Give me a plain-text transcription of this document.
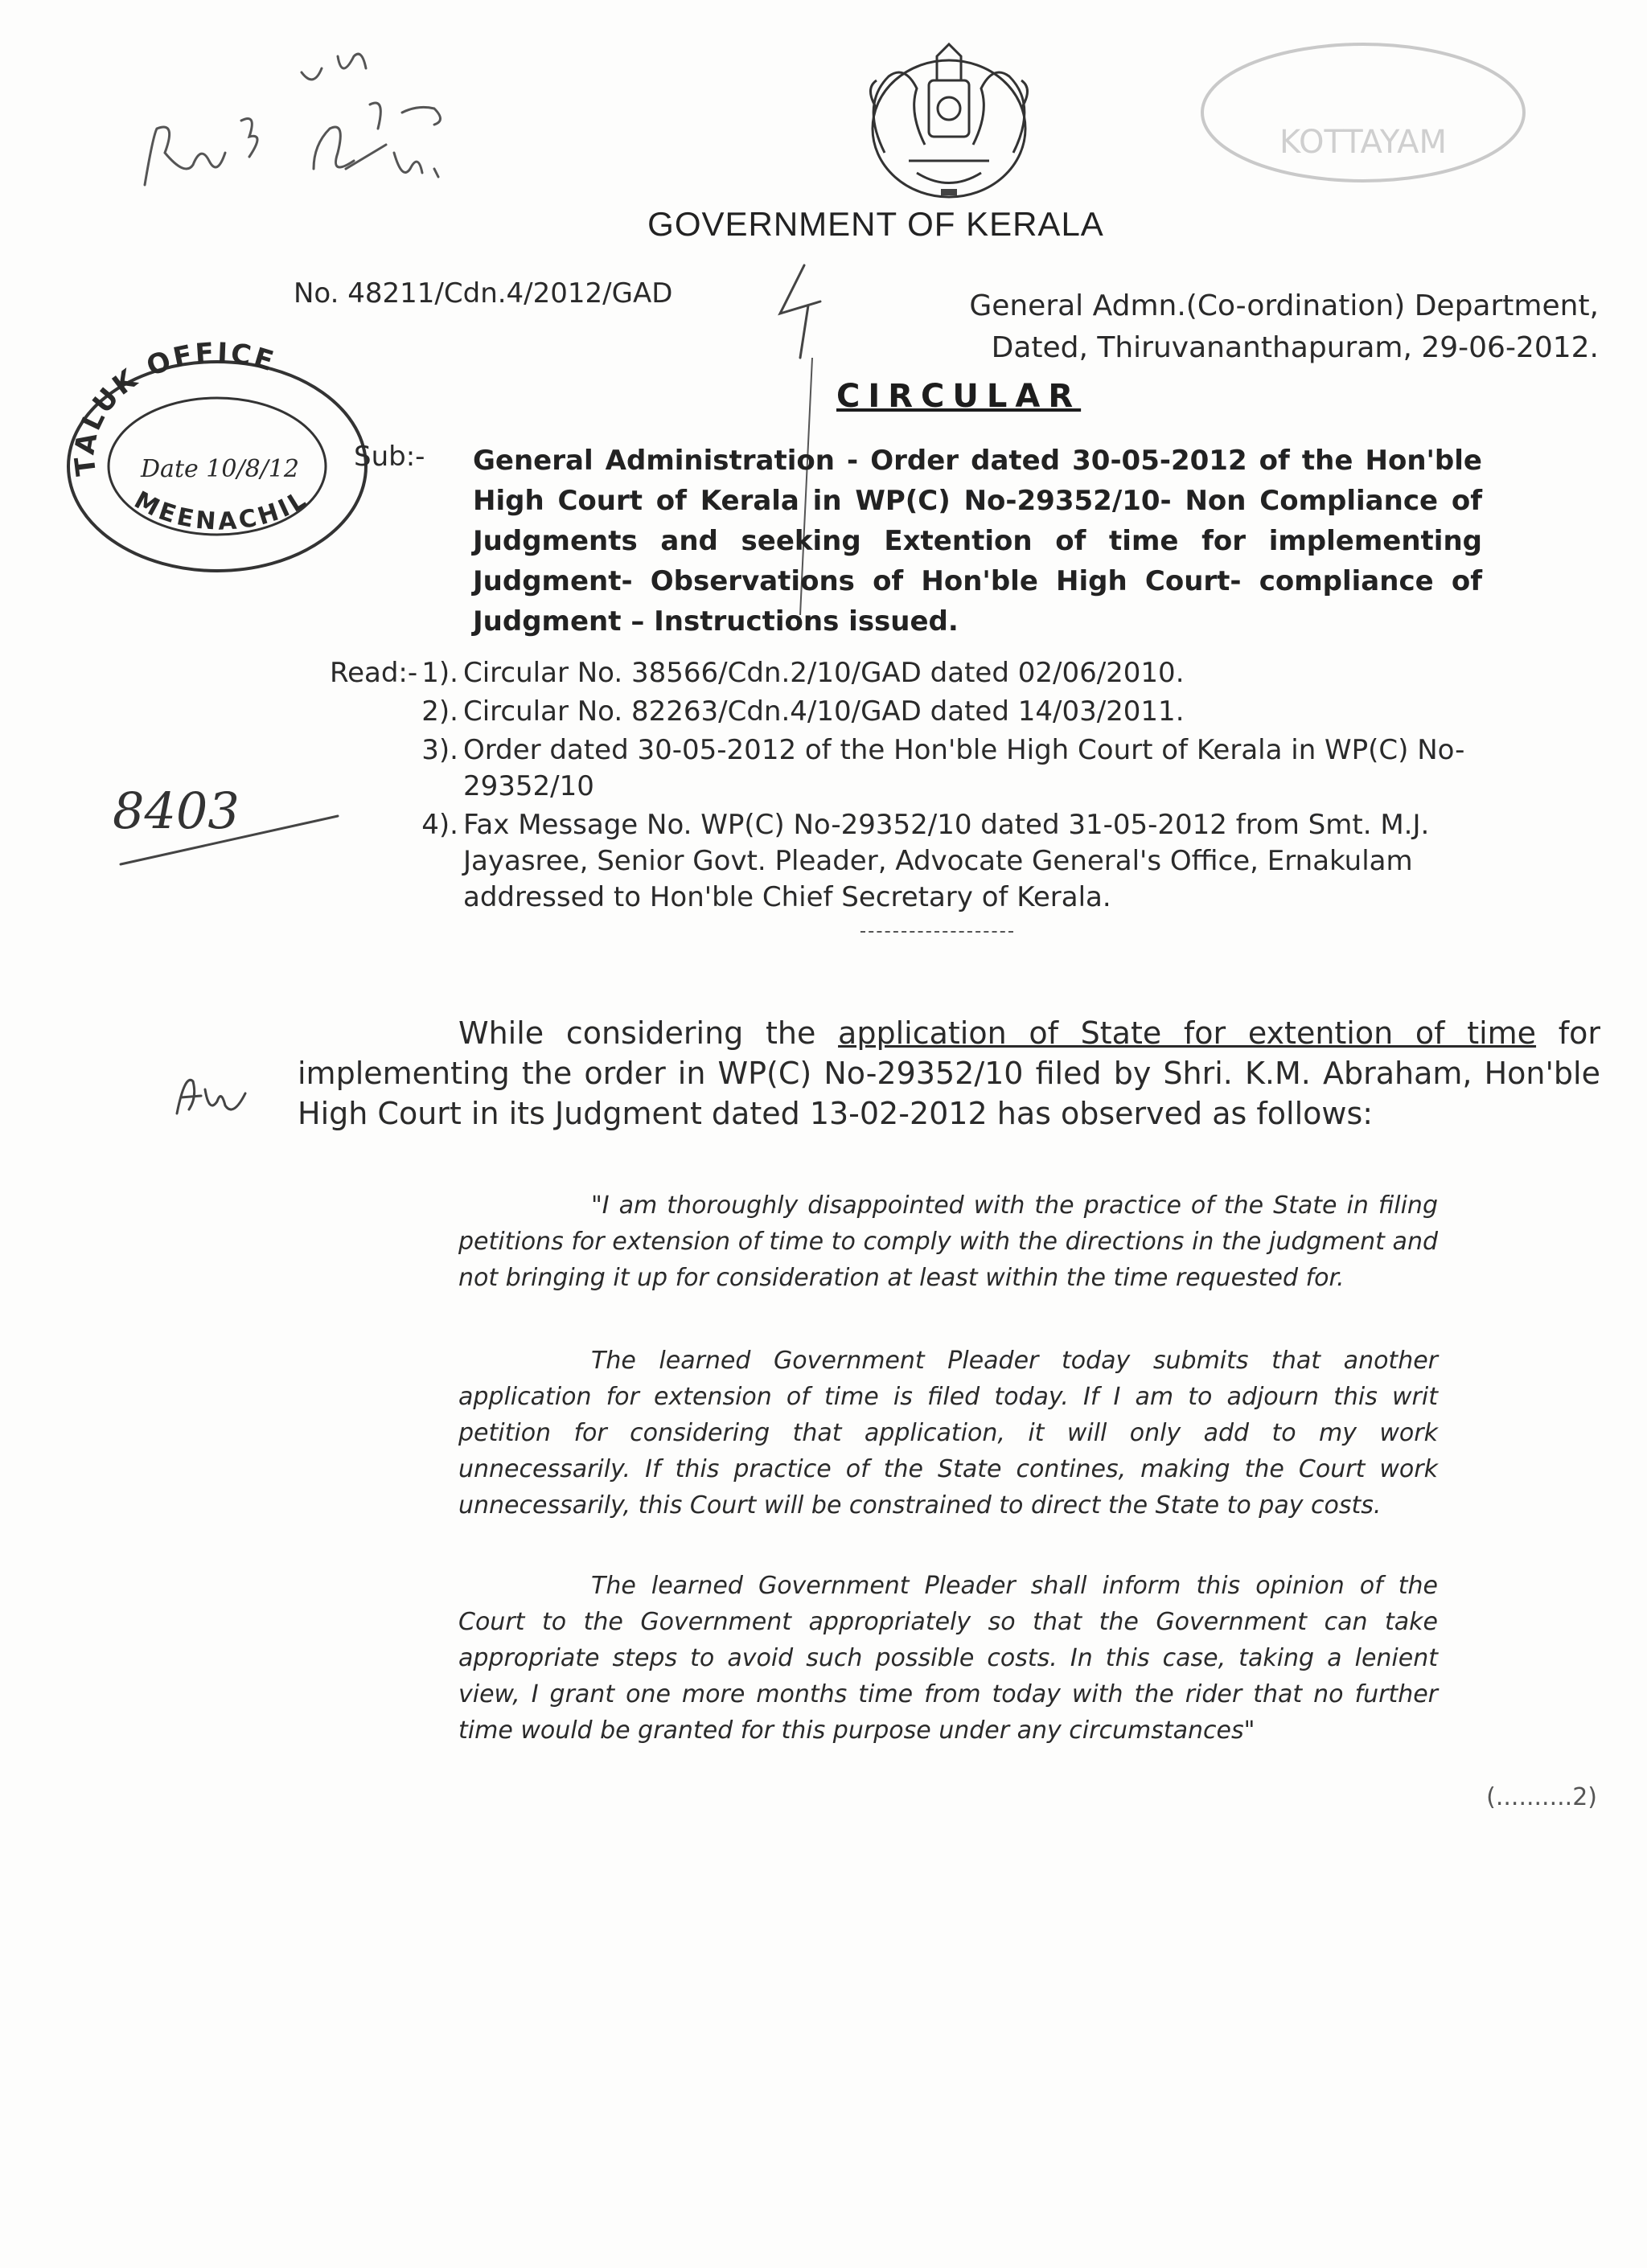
KOTTAYAM
Ref. 3
TALUK OFFICE
MEENACHIL
Date 10/8/12
8403
GOVERNMENT OF KERALA
No. 48211/Cdn.4/2012/GAD	General Admn.(Co-ordination) Department,
Dated, Thiruvananthapuram, 29-06-2012.
CIRCULAR
Sub:- General Administration - Order dated 30-05-2012 of the Hon'ble High Court of Kerala in WP(C) No-29352/10- Non Compliance of Judgments and seeking Extention of time for implementing Judgment- Observations of Hon'ble High Court- compliance of Judgment – Instructions issued.
Read:- 1). Circular No. 38566/Cdn.2/10/GAD dated 02/06/2010.
2). Circular No. 82263/Cdn.4/10/GAD dated 14/03/2011.
3). Order dated 30-05-2012 of the Hon'ble High Court of Kerala in WP(C) No-29352/10
4). Fax Message No. WP(C) No-29352/10 dated 31-05-2012 from Smt. M.J. Jayasree, Senior Govt. Pleader, Advocate General's Office, Ernakulam addressed to Hon'ble Chief Secretary of Kerala.
While considering the application of State for extention of time for implementing the order in WP(C) No-29352/10 filed by Shri. K.M. Abraham, Hon'ble High Court in its Judgment dated 13-02-2012 has observed as follows:
"I am thoroughly disappointed with the practice of the State in filing petitions for extension of time to comply with the directions in the judgment and not bringing it up for consideration at least within the time requested for.
The learned Government Pleader today submits that another application for extension of time is filed today. If I am to adjourn this writ petition for considering that application, it will only add to my work unnecessarily. If this practice of the State contines, making the Court work unnecessarily, this Court will be constrained to direct the State to pay costs.
The learned Government Pleader shall inform this opinion of the Court to the Government appropriately so that the Government can take appropriate steps to avoid such possible costs. In this case, taking a lenient view, I grant one more months time from today with the rider that no further time would be granted for this purpose under any circumstances"
(..........2)
